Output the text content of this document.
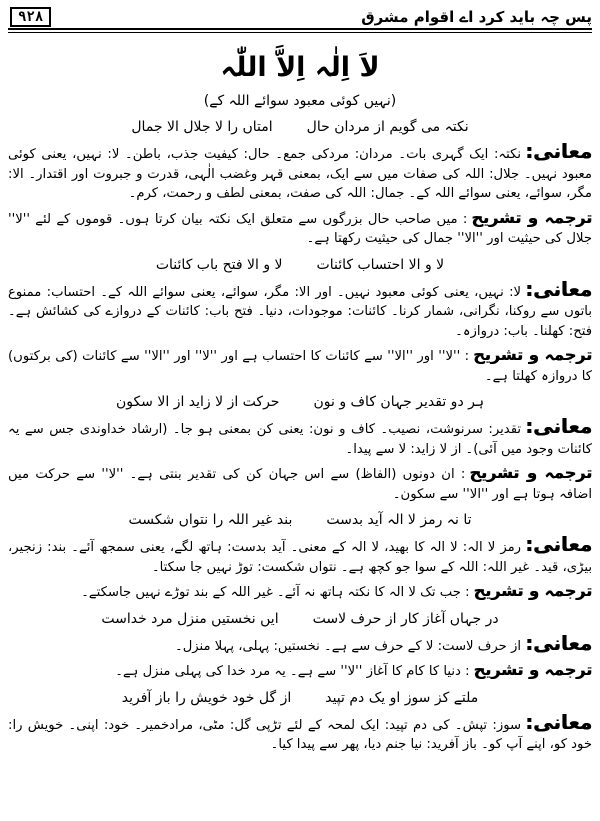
پس چہ باید کرد اے اقوام مشرق
۹۲۸
لاَ اِلٰہ اِلاَّ اللّٰہ
(نہیں کوئی معبود سوائے اللہ کے)
نکتہ می گویم از مردان حال
امتاں را لا جلال الا جمال

معانی:نکتہ: ایک گہری بات۔ مردان: مردکی جمع۔ حال: کیفیت جذب، باطن۔ لا: نہیں، یعنی کوئی معبود نہیں۔ جلال: اللہ کی صفات میں سے ایک، بمعنی قہر وغضب الٰہی، قدرت و جبروت اور اقتدار۔ الا: مگر، سوائے، یعنی سوائے اللہ کے۔ جمال: اللہ کی صفت، بمعنی لطف و رحمت، کرم۔

ترجمہ و تشریح: میں صاحب حال بزرگوں سے متعلق ایک نکتہ بیان کرتا ہوں۔ قوموں کے لئے ''لا'' جلال کی حیثیت اور ''الا'' جمال کی حیثیت رکھتا ہے۔

لا و الا احتساب کائنات
لا و الا فتح باب کائنات

معانی:لا: نہیں، یعنی کوئی معبود نہیں۔ اور الا: مگر، سوائے، یعنی سوائے اللہ کے۔ احتساب: ممنوع باتوں سے روکنا، نگرانی، شمار کرنا۔ کائنات: موجودات، دنیا۔ فتح باب: کائنات کے دروازے کی کشائش ہے۔ فتح: کھلنا۔ باب: دروازہ۔

ترجمہ و تشریح: ''لا'' اور ''الا'' سے کائنات کا احتساب ہے اور ''لا'' اور ''الا'' سے کائنات (کی برکتوں) کا دروازہ کھلتا ہے۔

ہر دو تقدیر جہان کاف و نون
حرکت از لا زاید از الا سکون

معانی:تقدیر: سرنوشت، نصیب۔ کاف و نون: یعنی کن بمعنی ہو جا۔ (ارشاد خداوندی جس سے یہ کائنات وجود میں آئی)۔ از لا زاید: لا سے پیدا۔

ترجمہ و تشریح: ان دونوں (الفاظ) سے اس جہان کن کی تقدیر بنتی ہے۔ ''لا'' سے حرکت میں اضافہ ہوتا ہے اور ''الا'' سے سکون۔

تا نہ رمز لا الہ آید بدست
بند غیر اللہ را نتواں شکست

معانی:رمز لا الہ: لا الہ کا بھید، لا الہ کے معنی۔ آید بدست: ہاتھ لگے، یعنی سمجھ آئے۔ بند: زنجیر، بیڑی، قید۔ غیر اللہ: اللہ کے سوا جو کچھ ہے۔ نتواں شکست: توڑ نہیں جا سکتا۔

ترجمہ و تشریح: جب تک لا الہ کا نکتہ ہاتھ نہ آئے۔ غیر اللہ کے بند توڑے نہیں جاسکتے۔

در جہاں آغاز کار از حرف لاست
ایں نخستیں منزل مرد خداست

معانی:از حرف لاست: لا کے حرف سے ہے۔ نخستیں: پہلی، پہلا منزل۔

ترجمہ و تشریح: دنیا کا کام کا آغاز ''لا'' سے ہے۔ یہ مرد خدا کی پہلی منزل ہے۔

ملتے کز سوز او یک دم تپید
از گل خود خویش را باز آفرید

معانی:سوز: تپش۔ کی دم تپید: ایک لمحہ کے لئے تڑپی گل: مٹی، مرادخمیر۔ خود: اپنی۔ خویش را: خود کو، اپنے آپ کو۔ باز آفرید: نیا جنم دیا، پھر سے پیدا کیا۔
